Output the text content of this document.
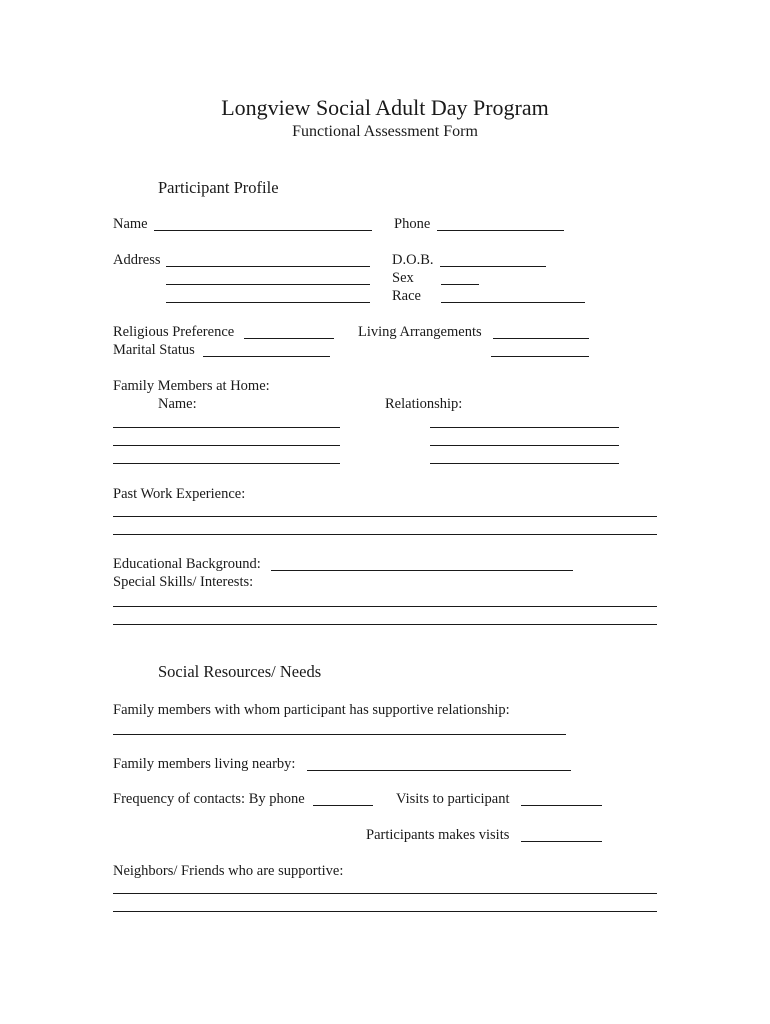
Longview Social Adult Day Program
Functional Assessment Form
Participant Profile
Name	Phone
Address	D.O.B.
Sex
Race
Religious Preference	Living Arrangements
Marital Status
Family Members at Home:
Name:	Relationship:
Past Work Experience:
Educational Background:
Special Skills/ Interests:
Social Resources/ Needs
Family members with whom participant has supportive relationship:
Family members living nearby:
Frequency of contacts: By phone	Visits to participant
Participants makes visits
Neighbors/ Friends who are supportive:
